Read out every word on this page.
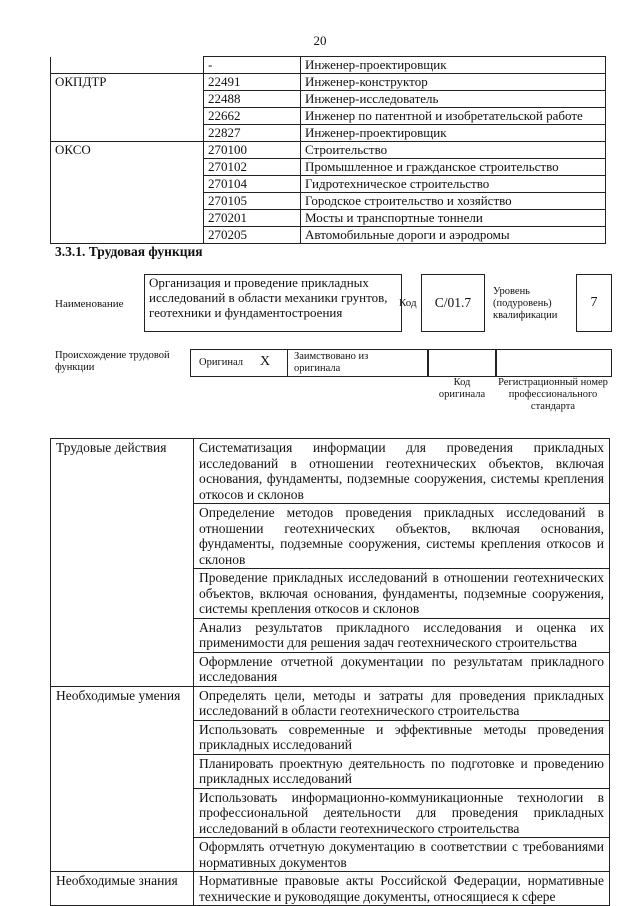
20
	-	Инженер-проектировщик
ОКПДТР	22491	Инженер-конструктор
	22488	Инженер-исследователь
	22662	Инженер по патентной и изобретательской работе
	22827	Инженер-проектировщик
ОКСО	270100	Строительство
	270102	Промышленное и гражданское строительство
	270104	Гидротехническое строительство
	270105	Городское строительство и хозяйство
	270201	Мосты и транспортные тоннели
	270205	Автомобильные дороги и аэродромы
3.3.1. Трудовая функция
Наименование
Организация и проведение прикладных исследований в области механики грунтов, геотехники и фундаментостроения
Код	С/01.7
Уровень (подуровень) квалификации
7
Происхождение трудовой функции	Оригинал X Заимствовано из оригинала
Код оригинала
Регистрационный номер профессионального стандарта
Трудовые действия	Систематизация информации для проведения прикладных исследований в отношении геотехнических объектов, включая основания, фундаменты, подземные сооружения, системы крепления откосов и склонов
	Определение методов проведения прикладных исследований в отношении геотехнических объектов, включая основания, фундаменты, подземные сооружения, системы крепления откосов и склонов
	Проведение прикладных исследований в отношении геотехнических объектов, включая основания, фундаменты, подземные сооружения, системы крепления откосов и склонов
	Анализ результатов прикладного исследования и оценка их применимости для решения задач геотехнического строительства
	Оформление отчетной документации по результатам прикладного исследования
Необходимые умения	Определять цели, методы и затраты для проведения прикладных исследований в области геотехнического строительства
	Использовать современные и эффективные методы проведения прикладных исследований
	Планировать проектную деятельность по подготовке и проведению прикладных исследований
	Использовать информационно-коммуникационные технологии в профессиональной деятельности для проведения прикладных исследований в области геотехнического строительства
	Оформлять отчетную документацию в соответствии с требованиями нормативных документов
Необходимые знания	Нормативные правовые акты Российской Федерации, нормативные технические и руководящие документы, относящиеся к сфере
